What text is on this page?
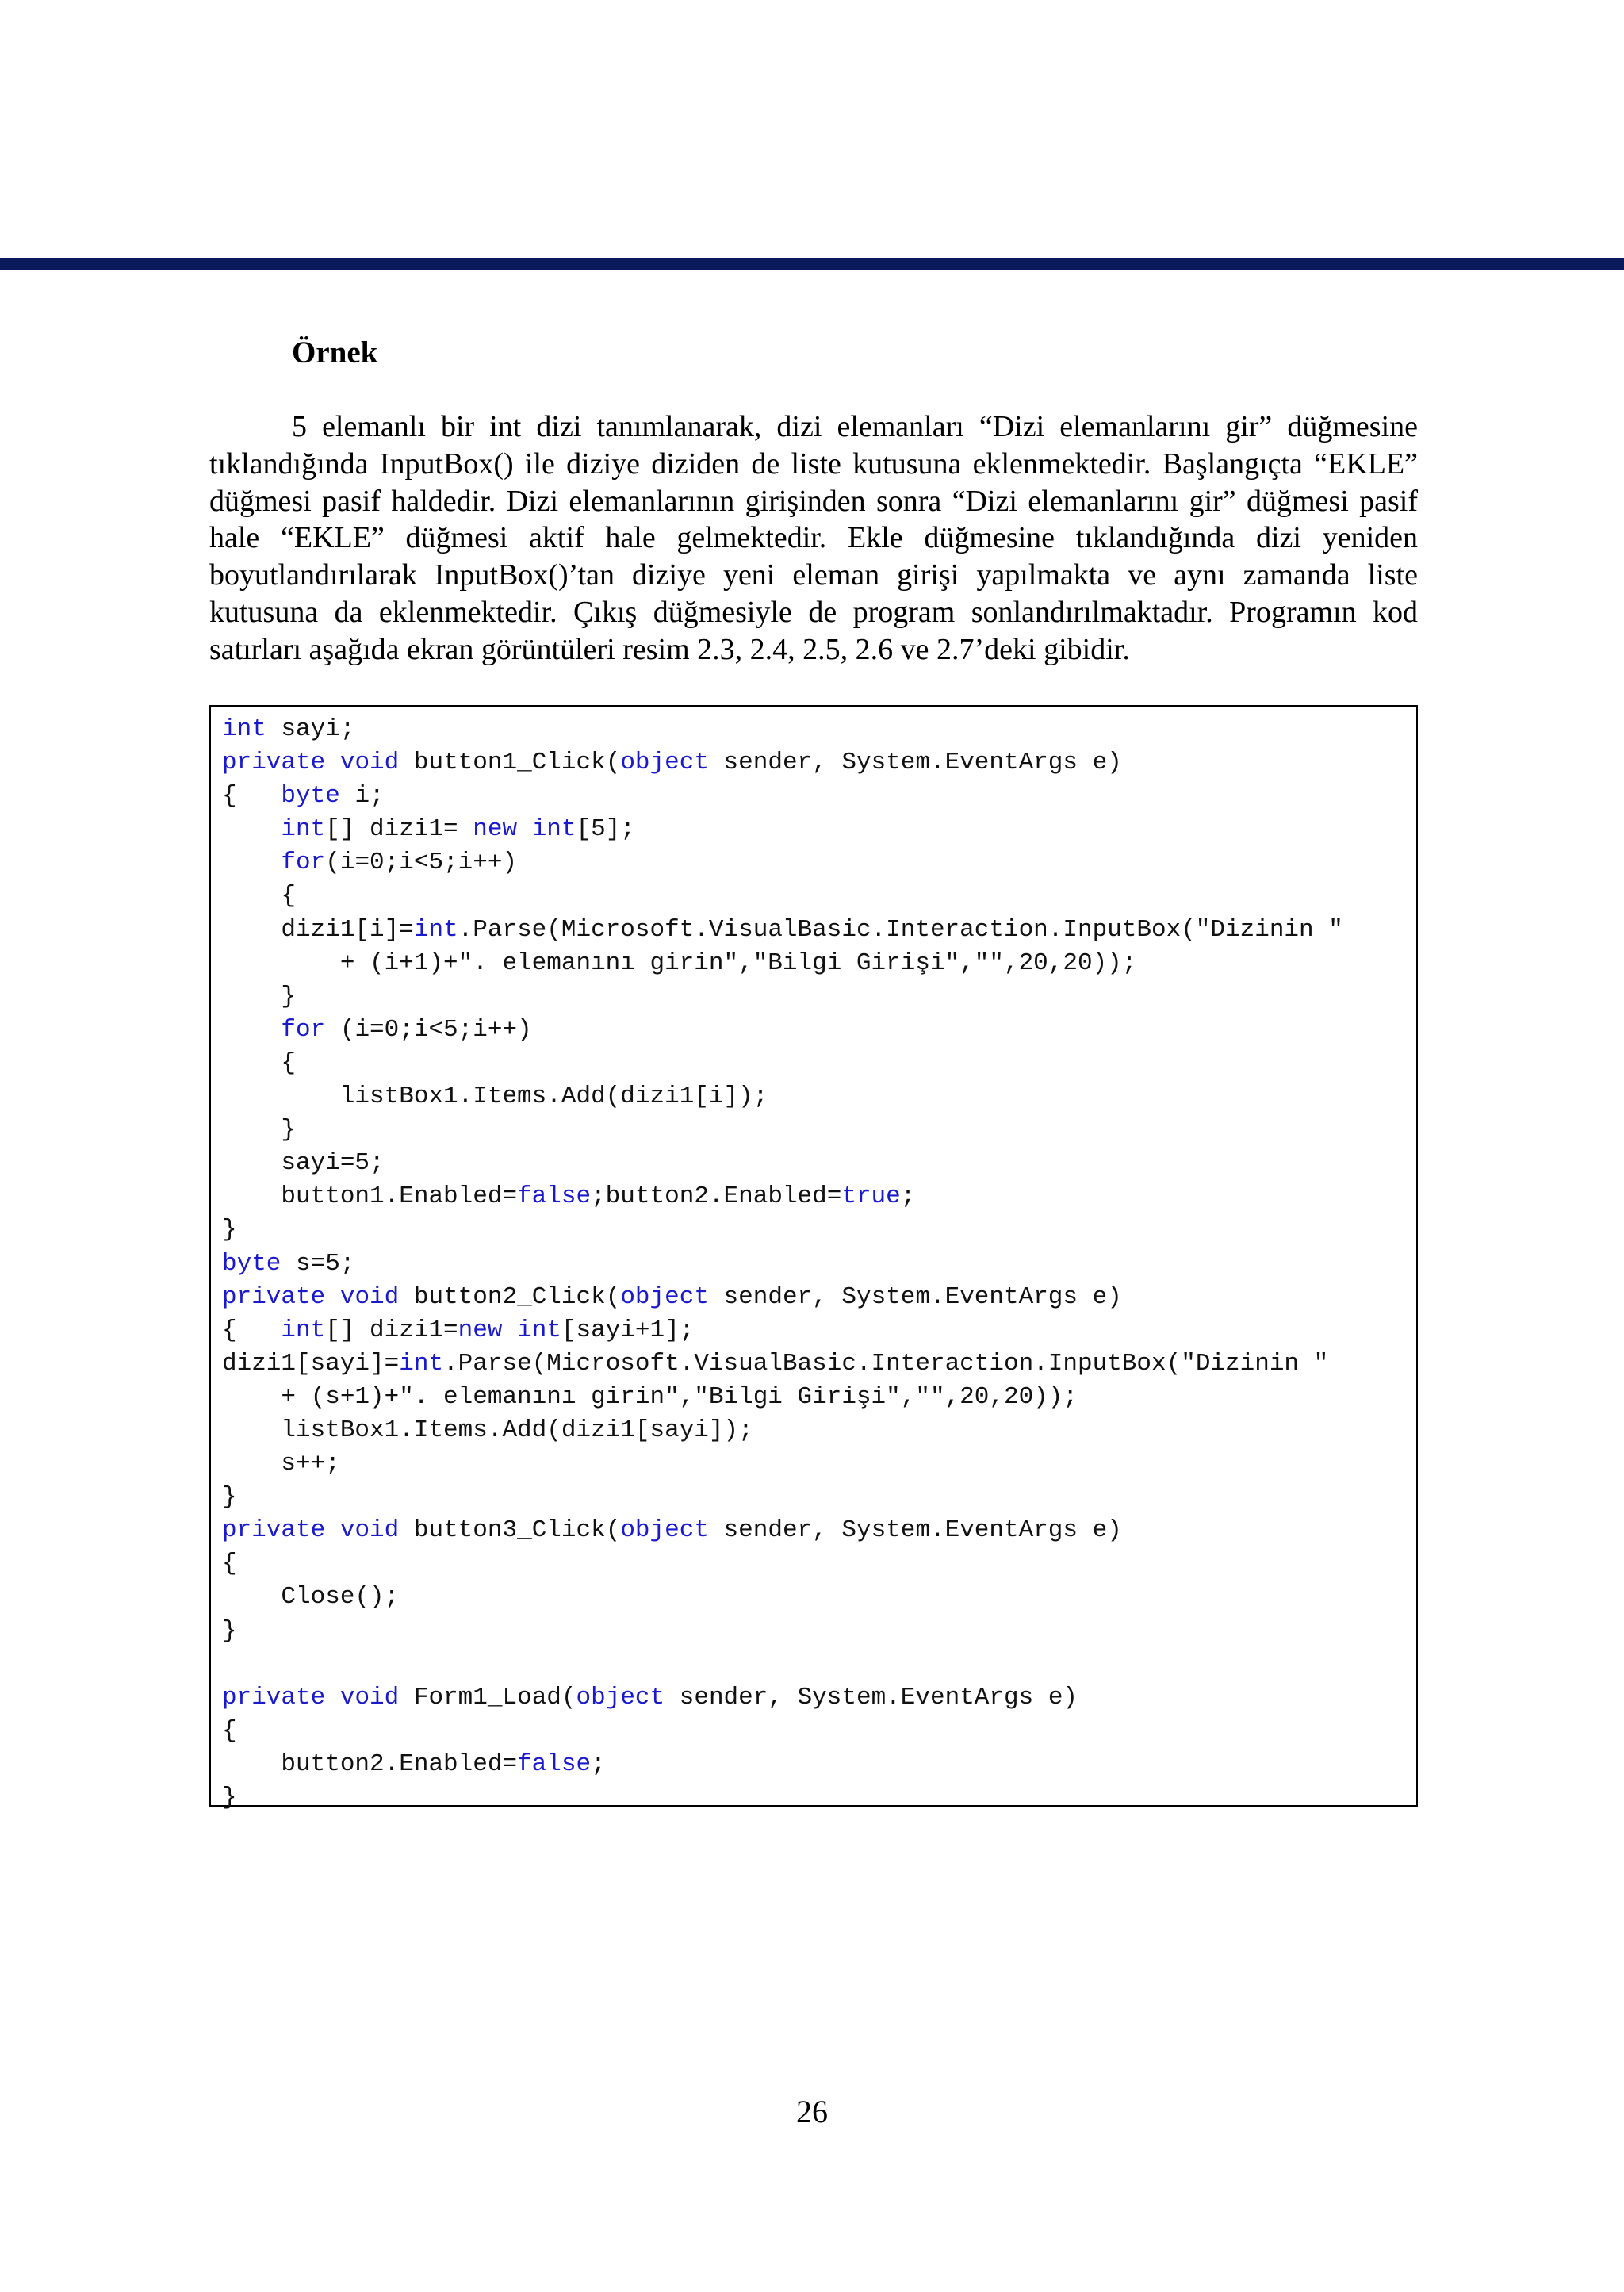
Örnek

5 elemanlı bir int dizi tanımlanarak, dizi elemanları “Dizi elemanlarını gir” düğmesine tıklandığında InputBox() ile diziye diziden de liste kutusuna eklenmektedir. Başlangıçta “EKLE” düğmesi pasif haldedir. Dizi elemanlarının girişinden sonra “Dizi elemanlarını gir” düğmesi pasif hale “EKLE” düğmesi aktif hale gelmektedir. Ekle düğmesine tıklandığında dizi yeniden boyutlandırılarak InputBox()’tan diziye yeni eleman girişi yapılmakta ve aynı zamanda liste kutusuna da eklenmektedir. Çıkış düğmesiyle de program sonlandırılmaktadır. Programın kod satırları aşağıda ekran görüntüleri resim 2.3, 2.4, 2.5, 2.6 ve 2.7’deki gibidir.

int sayi;
private void button1_Click(object sender, System.EventArgs e)
{   byte i;
int[] dizi1= new int[5];
for(i=0;i<5;i++)
{
dizi1[i]=int.Parse(Microsoft.VisualBasic.Interaction.InputBox("Dizinin "
+ (i+1)+". elemanını girin","Bilgi Girişi","",20,20));
}
for (i=0;i<5;i++)
{
listBox1.Items.Add(dizi1[i]);
}
sayi=5;
button1.Enabled=false;button2.Enabled=true;
}
byte s=5;
private void button2_Click(object sender, System.EventArgs e)
{   int[] dizi1=new int[sayi+1];
dizi1[sayi]=int.Parse(Microsoft.VisualBasic.Interaction.InputBox("Dizinin "
+ (s+1)+". elemanını girin","Bilgi Girişi","",20,20));
listBox1.Items.Add(dizi1[sayi]);
s++;
}
private void button3_Click(object sender, System.EventArgs e)
{
Close();
}
private void Form1_Load(object sender, System.EventArgs e)
{
button2.Enabled=false;
}
26
